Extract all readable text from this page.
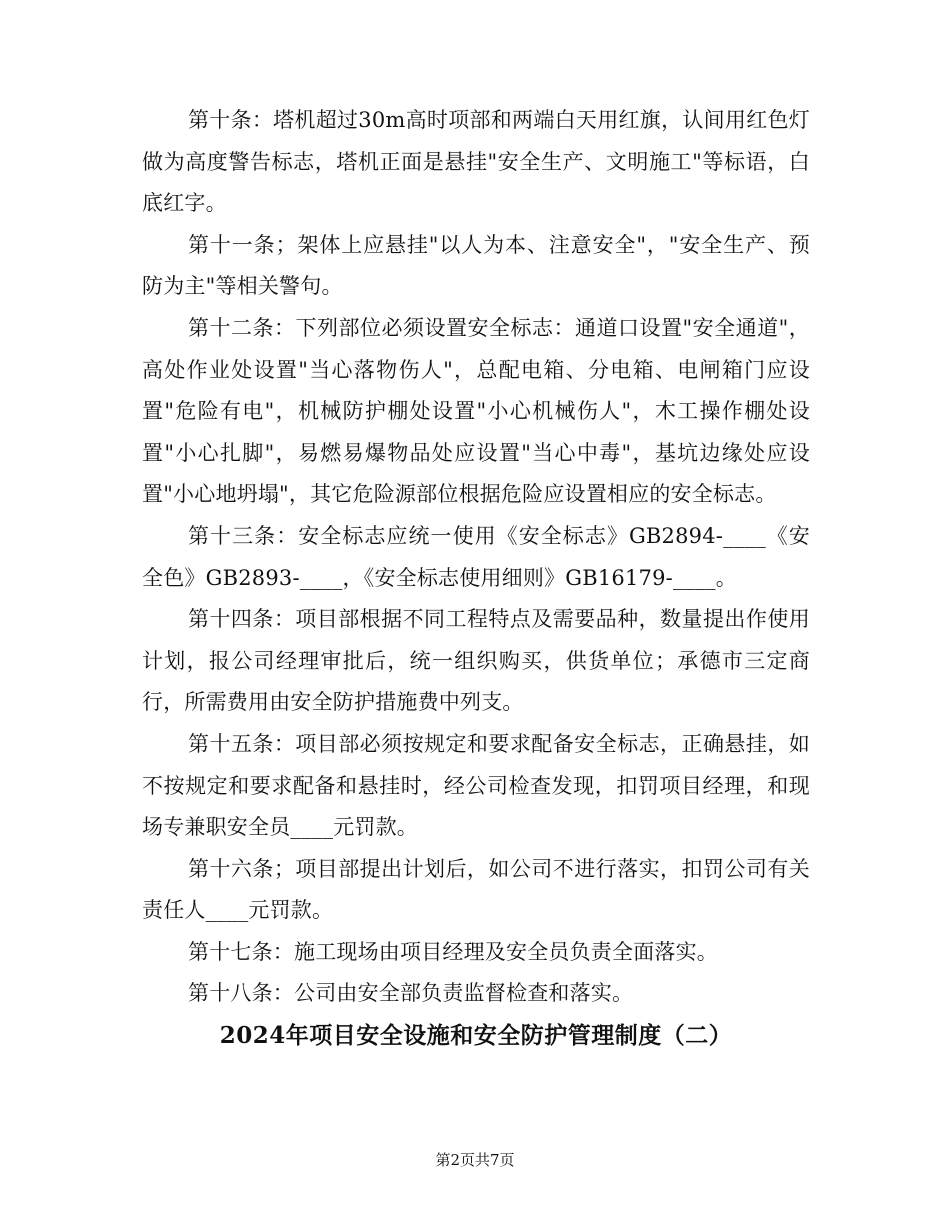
第十条：塔机超过30m高时项部和两端白天用红旗，认间用红色灯做为高度警告标志，塔机正面是悬挂"安全生产、文明施工"等标语，白底红字。

第十一条；架体上应悬挂"以人为本、注意安全"，"安全生产、预防为主"等相关警句。

第十二条：下列部位必须设置安全标志：通道口设置"安全通道"，高处作业处设置"当心落物伤人"，总配电箱、分电箱、电闸箱门应设置"危险有电"，机械防护棚处设置"小心机械伤人"，木工操作棚处设置"小心扎脚"，易燃易爆物品处应设置"当心中毒"，基坑边缘处应设置"小心地坍塌"，其它危险源部位根据危险应设置相应的安全标志。

第十三条：安全标志应统一使用《安全标志》GB2894-____《安全色》GB2893-____，《安全标志使用细则》GB16179-____。

第十四条：项目部根据不同工程特点及需要品种，数量提出作使用计划，报公司经理审批后，统一组织购买，供货单位；承德市三定商行，所需费用由安全防护措施费中列支。

第十五条：项目部必须按规定和要求配备安全标志，正确悬挂，如不按规定和要求配备和悬挂时，经公司检查发现，扣罚项目经理，和现场专兼职安全员____元罚款。

第十六条；项目部提出计划后，如公司不进行落实，扣罚公司有关责任人____元罚款。

第十七条：施工现场由项目经理及安全员负责全面落实。

第十八条：公司由安全部负责监督检查和落实。

2024年项目安全设施和安全防护管理制度（二）
第2页共7页
